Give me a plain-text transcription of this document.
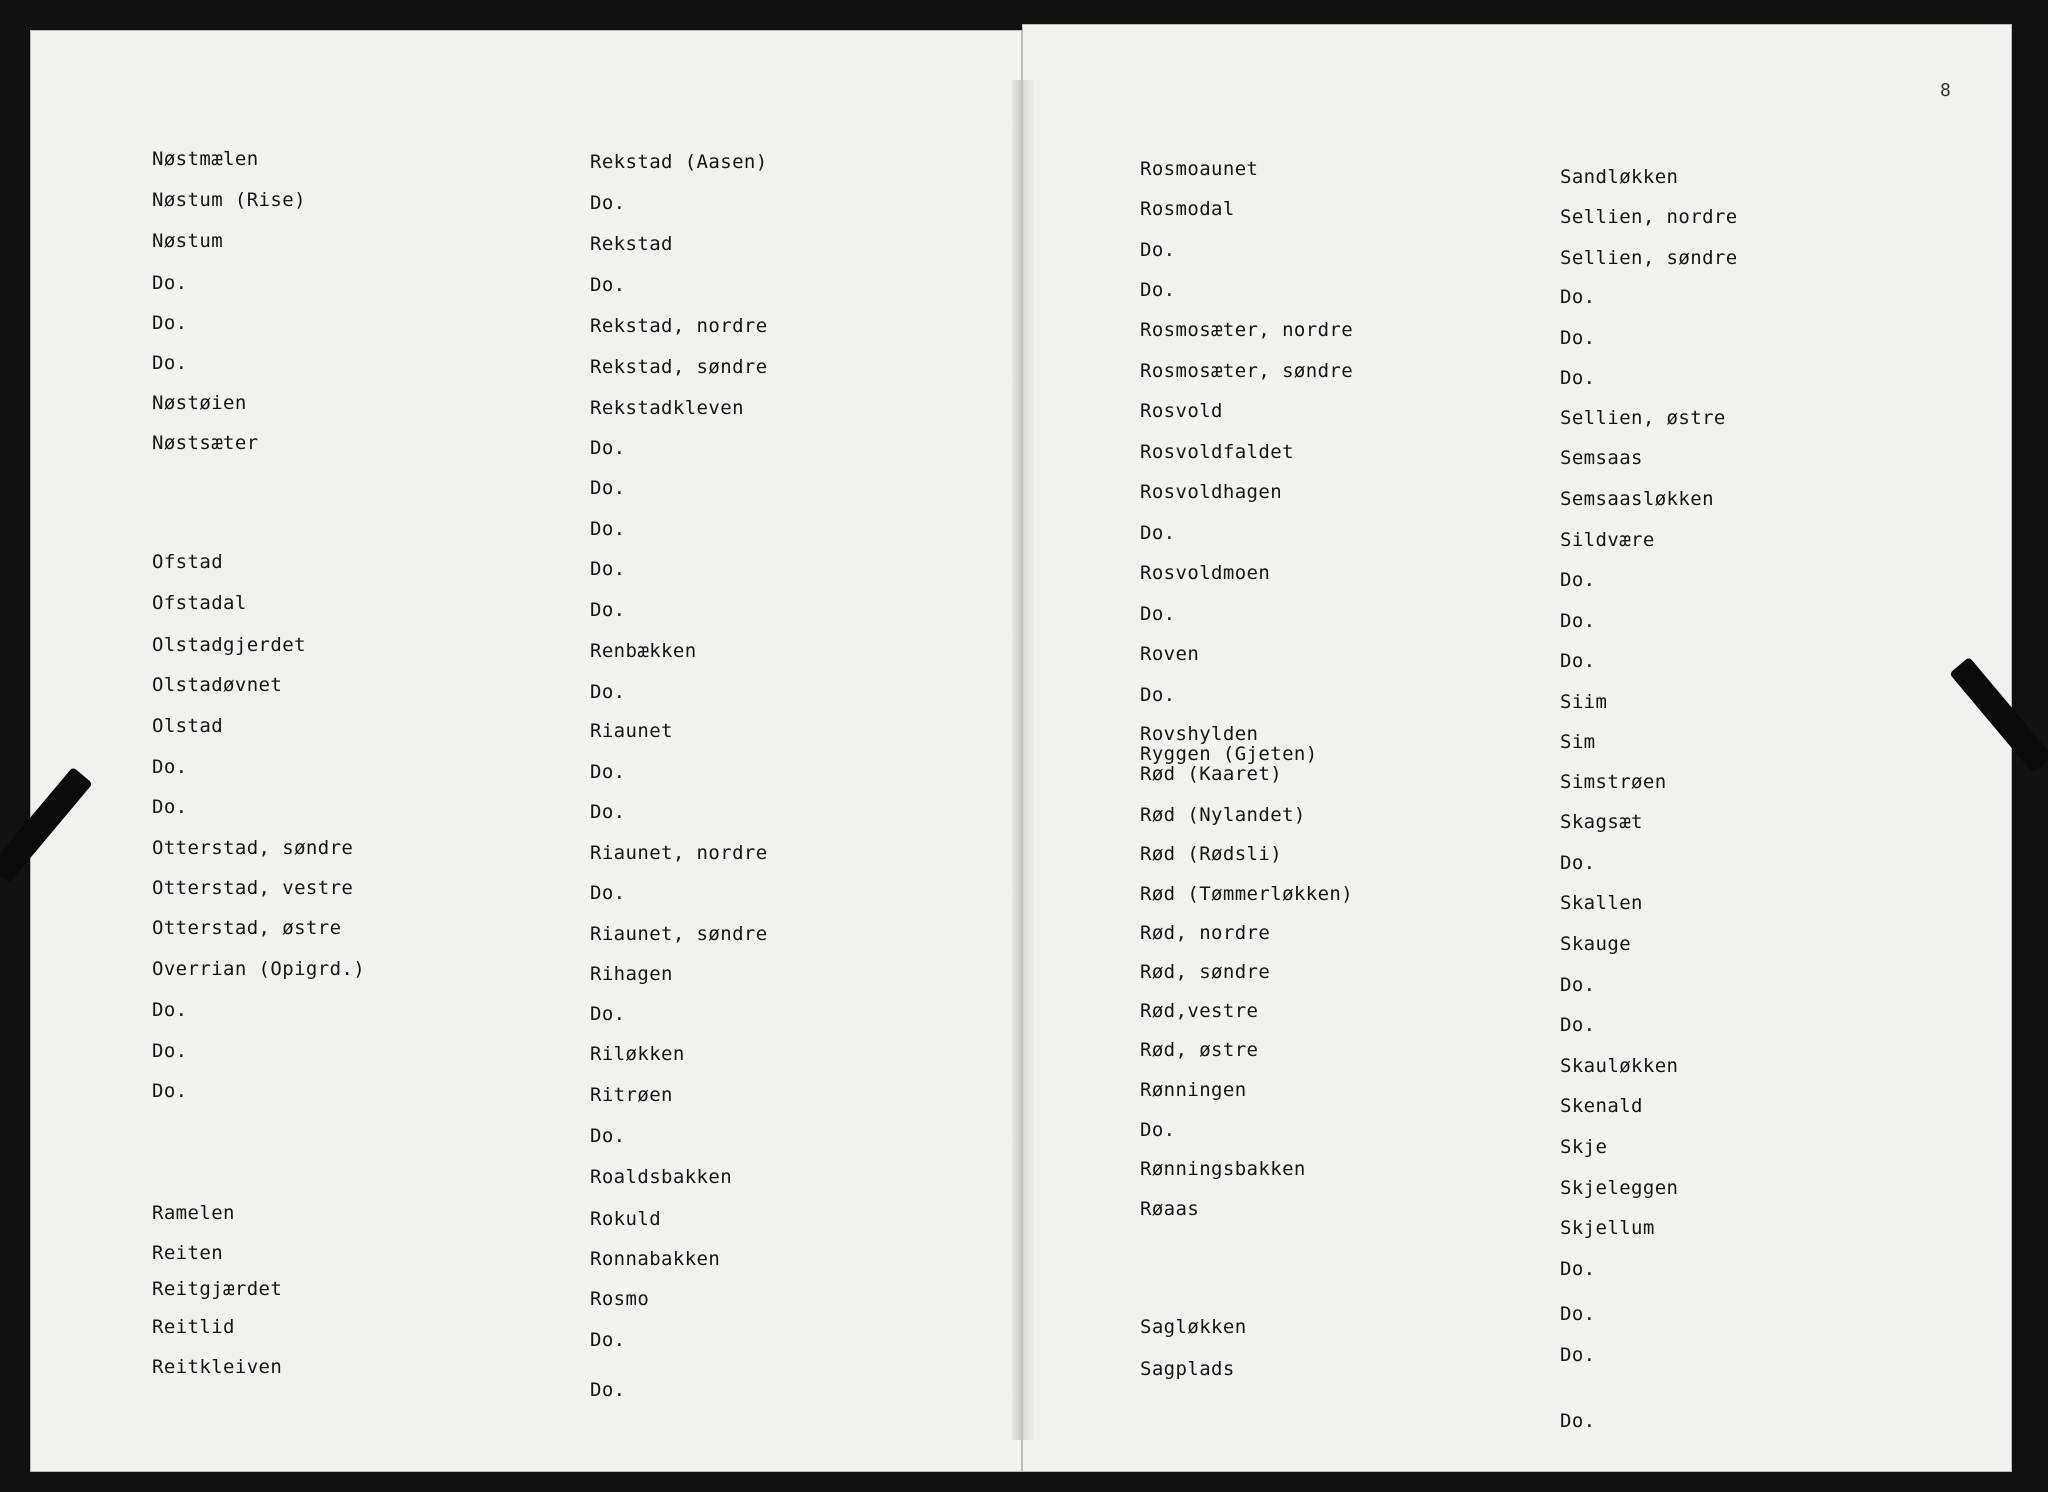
8
Nøstmælen
Nøstum (Rise)
Nøstum
Do.
Do.
Do.
Nøstøien
Nøstsæter
Ofstad
Ofstadal
Olstadgjerdet
Olstadøvnet
Olstad
Do.
Do.
Otterstad, søndre
Otterstad, vestre
Otterstad, østre
Overrian (Opigrd.)
Do.
Do.
Do.
Ramelen
Reiten
Reitgjærdet
Reitlid
Reitkleiven
Rekstad (Aasen)
Do.
Rekstad
Do.
Rekstad, nordre
Rekstad, søndre
Rekstadkleven
Do.
Do.
Do.
Do.
Do.
Renbækken
Do.
Riaunet
Do.
Do.
Riaunet, nordre
Do.
Riaunet, søndre
Rihagen
Do.
Riløkken
Ritrøen
Do.
Roaldsbakken
Rokuld
Ronnabakken
Rosmo
Do.
Do.
Rosmoaunet
Rosmodal
Do.
Do.
Rosmosæter, nordre
Rosmosæter, søndre
Rosvold
Rosvoldfaldet
Rosvoldhagen
Do.
Rosvoldmoen
Do.
Roven
Do.
Rovshylden
Ryggen (Gjeten)
Rød (Kaaret)
Rød (Nylandet)
Rød (Rødsli)
Rød (Tømmerløkken)
Rød, nordre
Rød, søndre
Rød,vestre
Rød, østre
Rønningen
Do.
Rønningsbakken
Røaas
Sagløkken
Sagplads
Sandløkken
Sellien, nordre
Sellien, søndre
Do.
Do.
Do.
Sellien, østre
Semsaas
Semsaasløkken
Sildvære
Do.
Do.
Do.
Siim
Sim
Simstrøen
Skagsæt
Do.
Skallen
Skauge
Do.
Do.
Skauløkken
Skenald
Skje
Skjeleggen
Skjellum
Do.
Do.
Do.
Do.
